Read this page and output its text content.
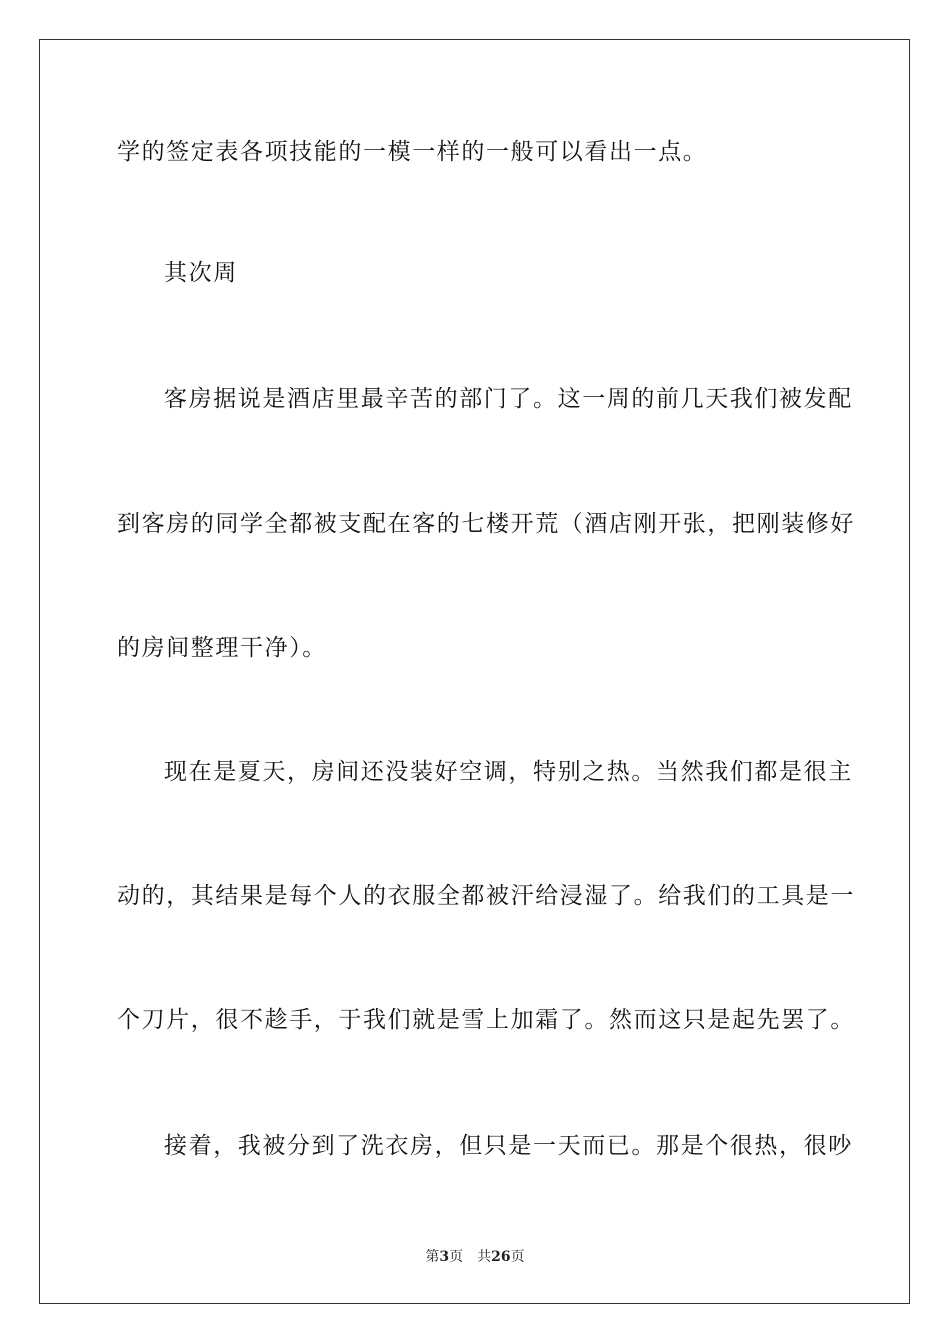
学的签定表各项技能的一模一样的一般可以看出一点。
其次周
客房据说是酒店里最辛苦的部门了。这一周的前几天我们被发配
到客房的同学全都被支配在客的七楼开荒（酒店刚开张，把刚装修好
的房间整理干净）。
现在是夏天，房间还没装好空调，特别之热。当然我们都是很主
动的，其结果是每个人的衣服全都被汗给浸湿了。给我们的工具是一
个刀片，很不趁手，于我们就是雪上加霜了。然而这只是起先罢了。
接着，我被分到了洗衣房，但只是一天而已。那是个很热，很吵
第3页 共26页
